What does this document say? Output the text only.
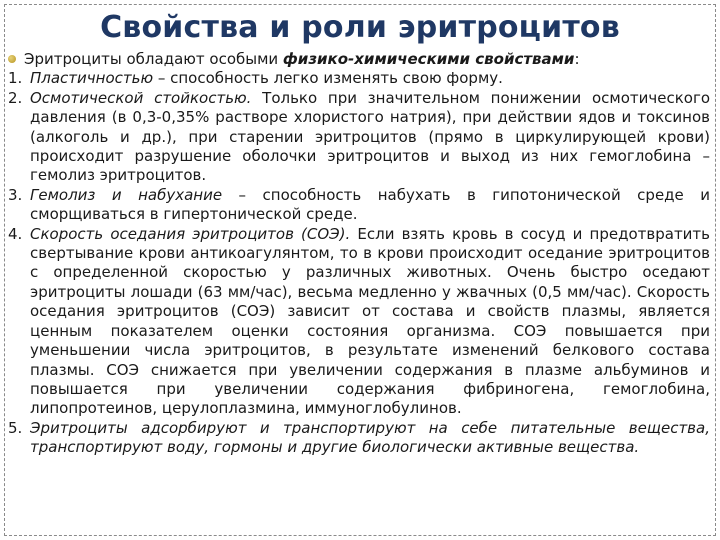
Свойства и роли эритроцитов
Эритроциты обладают особыми физико-химическими свойствами:
1. Пластичностью – способность легко изменять свою форму.
2. Осмотической стойкостью. Только при значительном понижении осмотического давления (в 0,3-0,35% растворе хлористого натрия), при действии ядов и токсинов (алкоголь и др.), при старении эритроцитов (прямо в циркулирующей крови) происходит разрушение оболочки эритроцитов и выход из них гемоглобина – гемолиз эритроцитов.
3. Гемолиз и набухание – способность набухать в гипотонической среде и сморщиваться в гипертонической среде.
4. Скорость оседания эритроцитов (СОЭ). Если взять кровь в сосуд и предотвратить свертывание крови антикоагулянтом, то в крови происходит оседание эритроцитов с определенной скоростью у различных животных. Очень быстро оседают эритроциты лошади (63 мм/час), весьма медленно у жвачных (0,5 мм/час). Скорость оседания эритроцитов (СОЭ) зависит от состава и свойств плазмы, является ценным показателем оценки состояния организма. СОЭ повышается при уменьшении числа эритроцитов, в результате изменений белкового состава плазмы. СОЭ снижается при увеличении содержания в плазме альбуминов и повышается при увеличении содержания фибриногена, гемоглобина, липопротеинов, церулоплазмина, иммуноглобулинов.
5. Эритроциты адсорбируют и транспортируют на себе питательные вещества, транспортируют воду, гормоны и другие биологически активные вещества.
